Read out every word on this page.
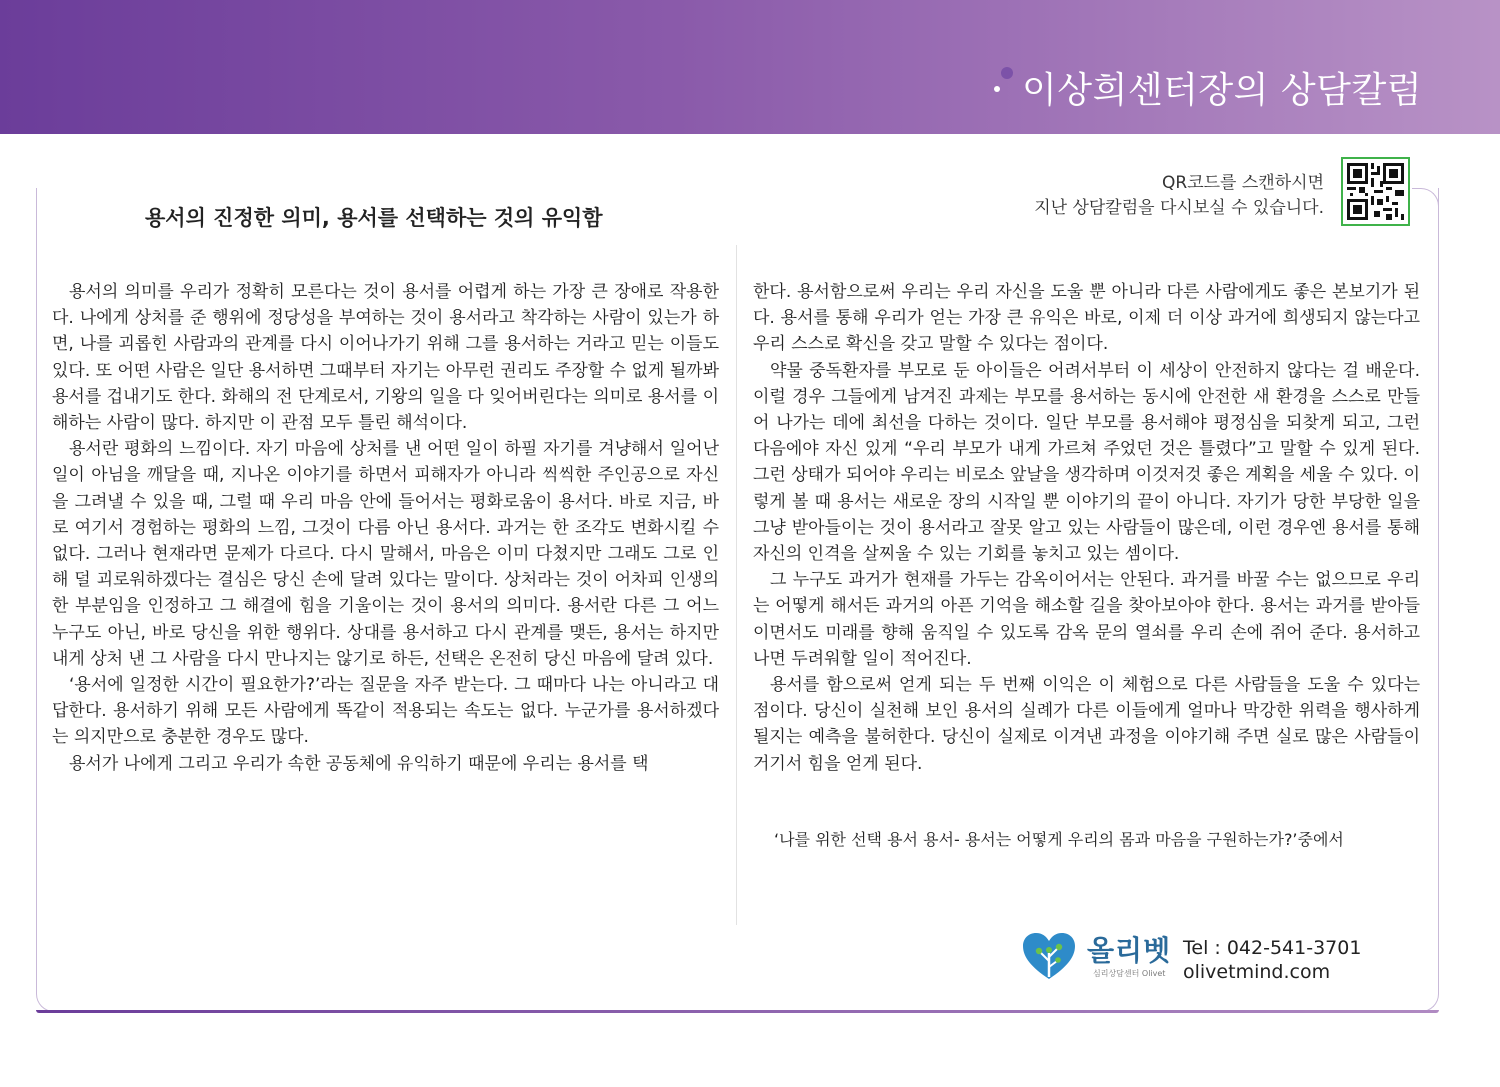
이상희센터장의 상담칼럼
용서의 진정한 의미, 용서를 선택하는 것의 유익함
QR코드를 스캔하시면
지난 상담칼럼을 다시보실 수 있습니다.

용서의 의미를 우리가 정확히 모른다는 것이 용서를 어렵게 하는 가장 큰 장애로 작용한다. 나에게 상처를 준 행위에 정당성을 부여하는 것이 용서라고 착각하는 사람이 있는가 하면, 나를 괴롭힌 사람과의 관계를 다시 이어나가기 위해 그를 용서하는 거라고 믿는 이들도 있다. 또 어떤 사람은 일단 용서하면 그때부터 자기는 아무런 권리도 주장할 수 없게 될까봐 용서를 겁내기도 한다. 화해의 전 단계로서, 기왕의 일을 다 잊어버린다는 의미로 용서를 이해하는 사람이 많다. 하지만 이 관점 모두 틀린 해석이다.

용서란 평화의 느낌이다. 자기 마음에 상처를 낸 어떤 일이 하필 자기를 겨냥해서 일어난 일이 아님을 깨달을 때, 지나온 이야기를 하면서 피해자가 아니라 씩씩한 주인공으로 자신을 그려낼 수 있을 때, 그럴 때 우리 마음 안에 들어서는 평화로움이 용서다. 바로 지금, 바로 여기서 경험하는 평화의 느낌, 그것이 다름 아닌 용서다. 과거는 한 조각도 변화시킬 수 없다. 그러나 현재라면 문제가 다르다. 다시 말해서, 마음은 이미 다쳤지만 그래도 그로 인해 덜 괴로워하겠다는 결심은 당신 손에 달려 있다는 말이다. 상처라는 것이 어차피 인생의 한 부분임을 인정하고 그 해결에 힘을 기울이는 것이 용서의 의미다. 용서란 다른 그 어느 누구도 아닌, 바로 당신을 위한 행위다. 상대를 용서하고 다시 관계를 맺든, 용서는 하지만 내게 상처 낸 그 사람을 다시 만나지는 않기로 하든, 선택은 온전히 당신 마음에 달려 있다.

‘용서에 일정한 시간이 필요한가?’라는 질문을 자주 받는다. 그 때마다 나는 아니라고 대답한다. 용서하기 위해 모든 사람에게 똑같이 적용되는 속도는 없다. 누군가를 용서하겠다는 의지만으로 충분한 경우도 많다.

용서가 나에게 그리고 우리가 속한 공동체에 유익하기 때문에 우리는 용서를 택

한다. 용서함으로써 우리는 우리 자신을 도울 뿐 아니라 다른 사람에게도 좋은 본보기가 된다. 용서를 통해 우리가 얻는 가장 큰 유익은 바로, 이제 더 이상 과거에 희생되지 않는다고 우리 스스로 확신을 갖고 말할 수 있다는 점이다.

약물 중독환자를 부모로 둔 아이들은 어려서부터 이 세상이 안전하지 않다는 걸 배운다. 이럴 경우 그들에게 남겨진 과제는 부모를 용서하는 동시에 안전한 새 환경을 스스로 만들어 나가는 데에 최선을 다하는 것이다. 일단 부모를 용서해야 평정심을 되찾게 되고, 그런 다음에야 자신 있게 “우리 부모가 내게 가르쳐 주었던 것은 틀렸다”고 말할 수 있게 된다. 그런 상태가 되어야 우리는 비로소 앞날을 생각하며 이것저것 좋은 계획을 세울 수 있다. 이렇게 볼 때 용서는 새로운 장의 시작일 뿐 이야기의 끝이 아니다. 자기가 당한 부당한 일을 그냥 받아들이는 것이 용서라고 잘못 알고 있는 사람들이 많은데, 이런 경우엔 용서를 통해 자신의 인격을 살찌울 수 있는 기회를 놓치고 있는 셈이다.

그 누구도 과거가 현재를 가두는 감옥이어서는 안된다. 과거를 바꿀 수는 없으므로 우리는 어떻게 해서든 과거의 아픈 기억을 해소할 길을 찾아보아야 한다. 용서는 과거를 받아들이면서도 미래를 향해 움직일 수 있도록 감옥 문의 열쇠를 우리 손에 쥐어 준다. 용서하고 나면 두려워할 일이 적어진다.

용서를 함으로써 얻게 되는 두 번째 이익은 이 체험으로 다른 사람들을 도울 수 있다는 점이다. 당신이 실천해 보인 용서의 실례가 다른 이들에게 얼마나 막강한 위력을 행사하게 될지는 예측을 불허한다. 당신이 실제로 이겨낸 과정을 이야기해 주면 실로 많은 사람들이 거기서 힘을 얻게 된다.

‘나를 위한 선택 용서 용서- 용서는 어떻게 우리의 몸과 마음을 구원하는가?’중에서
올리벳
심리상담센터 Olivet
Tel : 042-541-3701
olivetmind.com
